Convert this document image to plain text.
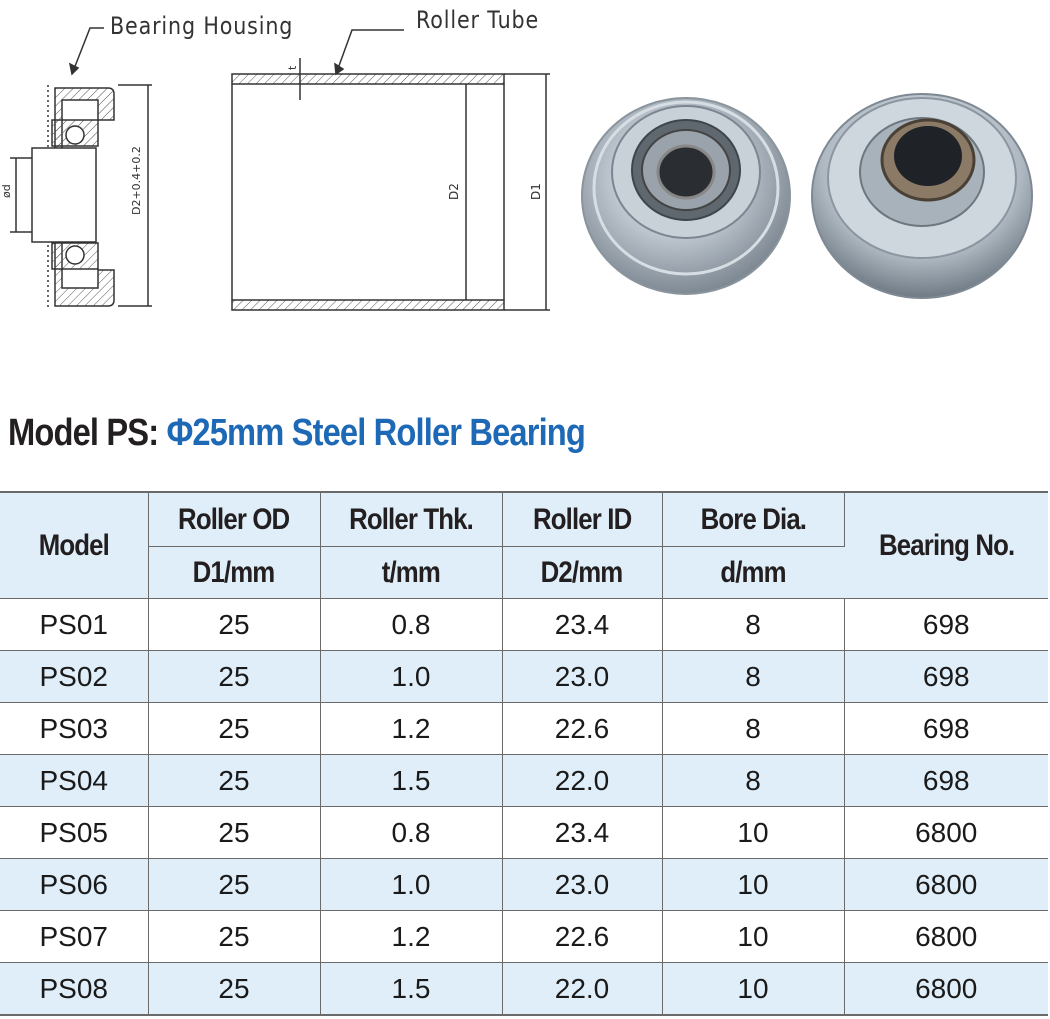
ød	D2+0.4+0.2
t
D2	D1
Bearing Housing	Roller Tube
Model PS: Φ25mm Steel Roller Bearing
Model	Roller OD	Roller Thk.	Roller ID	Bore Dia.	Bearing No.
	D1/mm	t/mm	D2/mm	d/mm	
PS01	25	0.8	23.4	8	698
PS02	25	1.0	23.0	8	698
PS03	25	1.2	22.6	8	698
PS04	25	1.5	22.0	8	698
PS05	25	0.8	23.4	10	6800
PS06	25	1.0	23.0	10	6800
PS07	25	1.2	22.6	10	6800
PS08	25	1.5	22.0	10	6800
